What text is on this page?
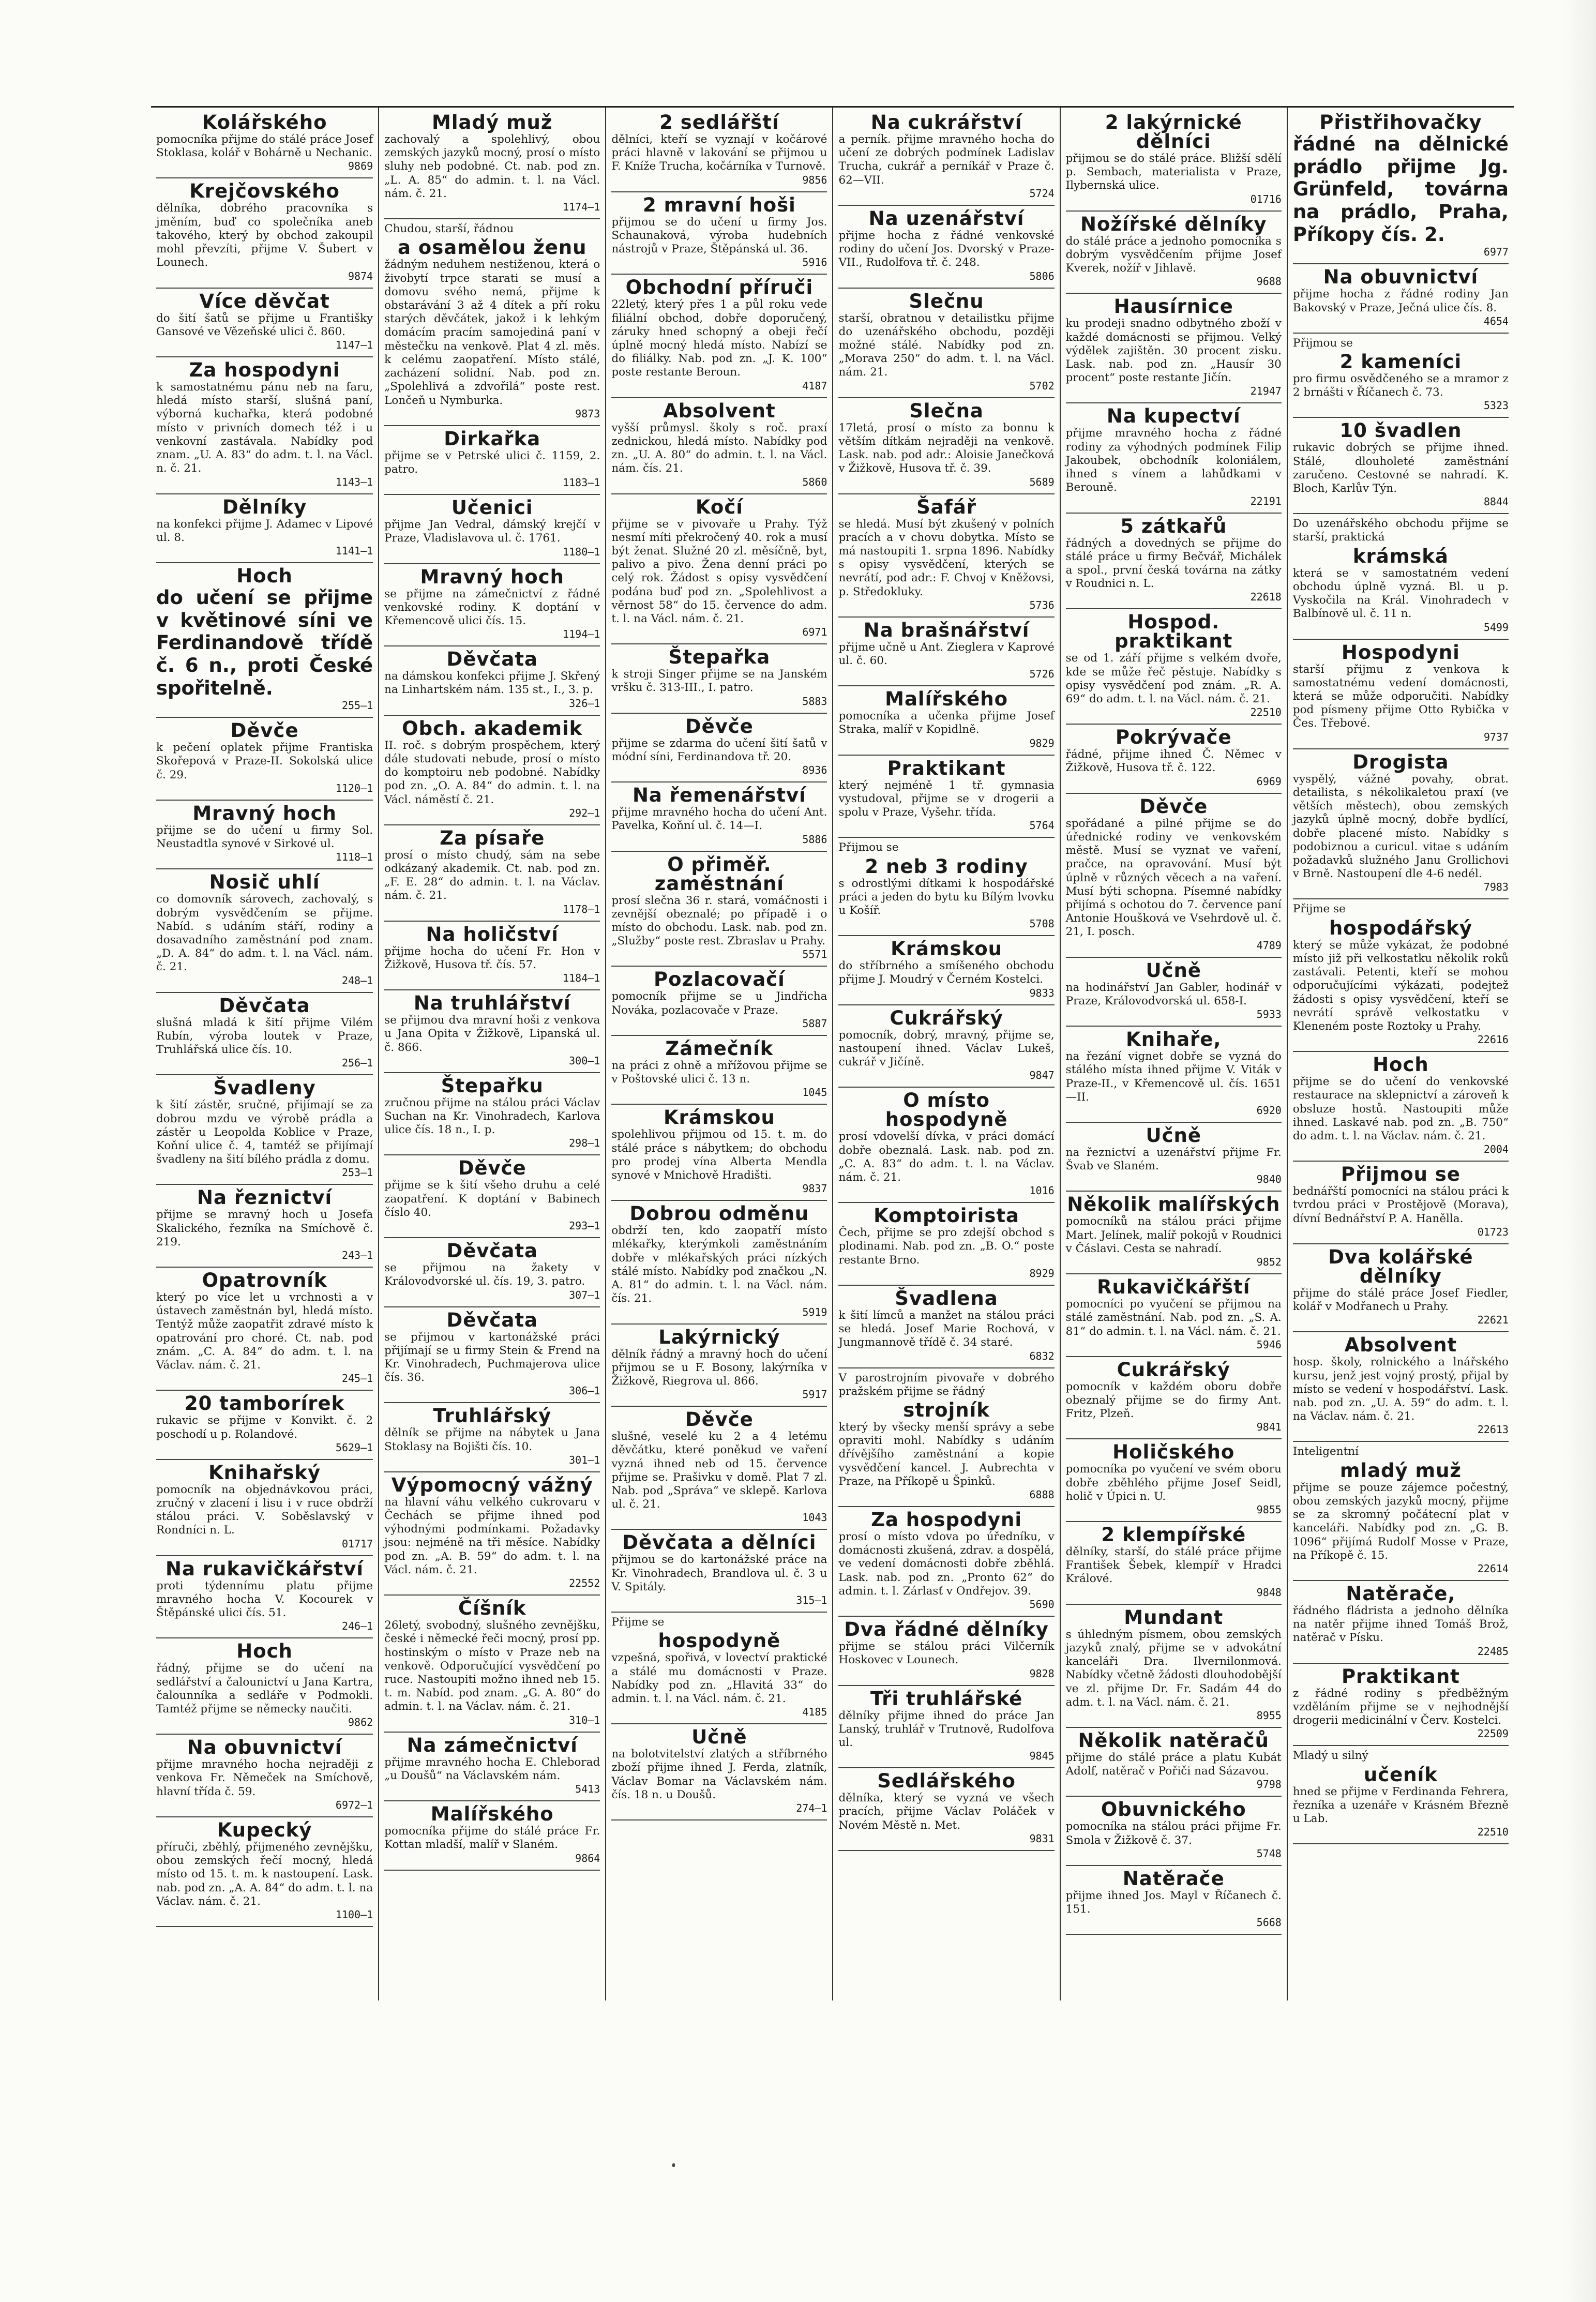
Kolářského

pomocníka přijme do stálé práce Josef Stoklasa, kolář v Bohárně u Nechanic.

9869
Krejčovského

dělníka, dobrého pracovníka s jměním, buď co společníka aneb takového, který by obchod zakoupil mohl převzíti, přijme V. Šubert v Lounech.

9874
Více děvčat

do šití šatů se přijme u Františky Gansové ve Vězeňské ulici č. 860.

1147—1
Za hospodyni

k samostatnému pánu neb na faru, hledá místo starší, slušná paní, výborná kuchařka, která podobné místo v privních domech též i u venkovní zastávala. Nabídky pod znam. „U. A. 83“ do adm. t. l. na Václ. n. č. 21.

1143—1
Dělníky

na konfekci přijme J. Adamec v Lipové ul. 8.

1141—1
Hoch

do učení se přijme v květinové síni ve Ferdinandově třídě č. 6 n., proti České spořitelně.

255—1
Děvče

k pečení oplatek přijme Frantiska Skořepová v Praze-II. Sokolská ulice č. 29.

1120—1
Mravný hoch

přijme se do učení u firmy Sol. Neustadtla synové v Sirkové ul.

1118—1
Nosič uhlí

co domovník sárovech, zachovalý, s dobrým vysvědčením se přijme. Nabíd. s udáním stáří, rodiny a dosavadního zaměstnání pod znam. „D. A. 84“ do adm. t. l. na Václ. nám. č. 21.

248—1
Děvčata

slušná mladá k šití přijme Vilém Rubín, výroba loutek v Praze, Truhlářská ulice čís. 10.

256—1
Švadleny

k šití zástěr, sručné, přijímají se za dobrou mzdu ve výrobě prádla a zástěr u Leopolda Koblice v Praze, Koňní ulice č. 4, tamtéž se přijímají švadleny na šití bílého prádla z domu.

253—1
Na řeznictví

přijme se mravný hoch u Josefa Skalického, řezníka na Smíchově č. 219.

243—1
Opatrovník

který po více let u vrchnosti a v ústavech zaměstnán byl, hledá místo. Tentýž může zaopatřit zdravé místo k opatrování pro choré. Ct. nab. pod znám. „C. A. 84“ do adm. t. l. na Václav. nám. č. 21.

245—1
20 tamborírek

rukavic se přijme v Konvikt. č. 2 poschodí u p. Rolandové.

5629—1
Knihařský

pomocník na objednávkovou práci, zručný v zlacení i lisu i v ruce obdrží stálou práci. V. Soběslavský v Rondníci n. L.

01717
Na rukavičkářství

proti týdennímu platu přijme mravného hocha V. Kocourek v Štěpánské ulici čís. 51.

246—1
Hoch

řádný, přijme se do učení na sedlářství a čalounictví u Jana Kartra, čalounníka a sedláře v Podmokli. Tamtéž přijme se německy naučiti.

9862
Na obuvnictví

přijme mravného hocha nejraději z venkova Fr. Němeček na Smíchově, hlavní třída č. 59.

6972—1
Kupecký

příruči, zběhlý, přijmeného zevnějšku, obou zemských řečí mocný, hledá místo od 15. t. m. k nastoupení. Lask. nab. pod zn. „A. A. 84“ do adm. t. l. na Václav. nám. č. 21.

1100—1
Mladý muž

zachovalý a spolehlivý, obou zemských jazyků mocný, prosí o místo sluhy neb podobné. Ct. nab. pod zn. „L. A. 85“ do admin. t. l. na Václ. nám. č. 21.

1174—1

Chudou, starší, řádnou

a osamělou ženu

žádným neduhem nestiženou, která o živobytí trpce starati se musí a domovu svého nemá, přijme k obstarávání 3 až 4 dítek a pří roku starých děvčátek, jakož i k lehkým domácím pracím samojediná paní v městečku na venkově. Plat 4 zl. měs. k celému zaopatření. Místo stálé, zacházení solidní. Nab. pod zn. „Spolehlivá a zdvořilá“ poste rest. Lončeň u Nymburka.

9873
Dirkařka

přijme se v Petrské ulici č. 1159, 2. patro.

1183—1
Učenici

přijme Jan Vedral, dámský krejčí v Praze, Vladislavova ul. č. 1761.

1180—1
Mravný hoch

se přijme na zámečnictví z řádné venkovské rodiny. K doptání v Křemencově ulici čís. 15.

1194—1
Děvčata

na dámskou konfekci přijme J. Skřený na Linhartském nám. 135 st., I., 3. p.

326—1
Obch. akademik

II. roč. s dobrým prospěchem, který dále studovati nebude, prosí o místo do komptoiru neb podobné. Nabídky pod zn. „O. A. 84“ do admin. t. l. na Václ. náměstí č. 21.

292—1
Za písaře

prosí o místo chudý, sám na sebe odkázaný akademik. Ct. nab. pod zn. „F. E. 28“ do admin. t. l. na Václav. nám. č. 21.

1178—1
Na holičství

přijme hocha do učení Fr. Hon v Žižkově, Husova tř. čís. 57.

1184—1
Na truhlářství

se přijmou dva mravní hoši z venkova u Jana Opita v Žižkově, Lipanská ul. č. 866.

300—1
Štepařku

zručnou přijme na stálou práci Václav Suchan na Kr. Vinohradech, Karlova ulice čís. 18 n., I. p.

298—1
Děvče

přijme se k šití všeho druhu a celé zaopatření. K doptání v Babinech číslo 40.

293—1
Děvčata

se přijmou na žakety v Královodvorské ul. čís. 19, 3. patro.

307—1
Děvčata

se přijmou v kartonážské práci přijímají se u firmy Stein & Frend na Kr. Vinohradech, Puchmajerova ulice čís. 36.

306—1
Truhlářský

dělník se přijme na nábytek u Jana Stoklasy na Bojišti čís. 10.

301—1
Výpomocný vážný

na hlavní váhu velkého cukrovaru v Čechách se přijme ihned pod výhodnými podmínkami. Požadavky jsou: nejméně na tři měsíce. Nabídky pod zn. „A. B. 59“ do adm. t. l. na Václ. nám. č. 21.

22552
Číšník

26letý, svobodný, slušného zevnějšku, české i německé řeči mocný, prosí pp. hostinským o místo v Praze neb na venkově. Odporučující vysvědčení po ruce. Nastoupiti možno ihned neb 15. t. m. Nabíd. pod znam. „G. A. 80“ do admin. t. l. na Václav. nám. č. 21.

310—1
Na zámečnictví

přijme mravného hocha E. Chleborad „u Doušů“ na Václavském nám.

5413
Malířského

pomocníka přijme do stálé práce Fr. Kottan mladší, malíř v Slaném.

9864
2 sedlářští

dělníci, kteří se vyznají v kočárové práci hlavně v lakování se přijmou u F. Kníže Trucha, kočárníka v Turnově.

9856
2 mravní hoši

přijmou se do učení u firmy Jos. Schaunaková, výroba hudebních nástrojů v Praze, Štěpánská ul. 36.

5916
Obchodní příruči

22letý, který přes 1 a půl roku vede filiální obchod, dobře doporučený, záruky hned schopný a obeji řečí úplně mocný hledá místo. Nabízí se do filiálky. Nab. pod zn. „J. K. 100“ poste restante Beroun.

4187
Absolvent

vyšší průmysl. školy s roč. praxí zednickou, hledá místo. Nabídky pod zn. „U. A. 80“ do admin. t. l. na Václ. nám. čís. 21.

5860
Kočí

přijme se v pivovaře u Prahy. Týž nesmí míti překročený 40. rok a musí být ženat. Služné 20 zl. měsíčně, byt, palivo a pivo. Žena denní práci po celý rok. Žádost s opisy vysvědčení podána buď pod zn. „Spolehlivost a věrnost 58“ do 15. července do adm. t. l. na Václ. nám. č. 21.

6971
Štepařka

k stroji Singer přijme se na Janském vršku č. 313-III., I. patro.

5883
Děvče

přijme se zdarma do učení šití šatů v módní síni, Ferdinandova tř. 20.

8936
Na řemenářství

přijme mravného hocha do učení Ant. Pavelka, Koňní ul. č. 14—I.

5886
O přiměř. zaměstnání

prosí slečna 36 r. stará, vomáčnosti i zevnější obeznalé; po případě i o místo do obchodu. Lask. nab. pod zn. „Služby“ poste rest. Zbraslav u Prahy.

5571
Pozlacovačí

pomocník přijme se u Jindřicha Nováka, pozlacovače v Praze.

5887
Zámečník

na práci z ohně a mřížovou přijme se v Poštovské ulici č. 13 n.

1045
Krámskou

spolehlivou přijmou od 15. t. m. do stálé práce s nábytkem; do obchodu pro prodej vína Alberta Mendla synové v Mnichově Hradišti.

9837
Dobrou odměnu

obdrží ten, kdo zaopatří místo mlékařky, kterýmkoli zaměstnáním dobře v mlékařských práci nízkých stálé místo. Nabídky pod značkou „N. A. 81“ do admin. t. l. na Václ. nám. čís. 21.

5919
Lakýrnický

dělník řádný a mravný hoch do učení přijmou se u F. Bosony, lakýrníka v Žižkově, Riegrova ul. 866.

5917
Děvče

slušné, veselé ku 2 a 4 letému děvčátku, které poněkud ve vaření vyzná ihned neb od 15. července přijme se. Prašivku v domě. Plat 7 zl. Nab. pod „Správa“ ve sklepě. Karlova ul. č. 21.

1043
Děvčata a dělníci

přijmou se do kartonážské práce na Kr. Vinohradech, Brandlova ul. č. 3 u V. Spitály.

315—1

Přijme se

hospodyně

vzpešná, spořivá, v lovectví praktické a stálé mu domácnosti v Praze. Nabídky pod zn. „Hlavitá 33“ do admin. t. l. na Václ. nám. č. 21.

4185
Učně

na bolotvitelství zlatých a stříbrného zboží přijme ihned J. Ferda, zlatník, Václav Bomar na Václavském nám. čís. 18 n. u Doušů.

274—1
Na cukrářství

a perník. přijme mravného hocha do učení ze dobrých podmínek Ladislav Trucha, cukrář a perníkář v Praze č. 62—VII.

5724
Na uzenářství

přijme hocha z řádné venkovské rodiny do učení Jos. Dvorský v Praze-VII., Rudolfova tř. č. 248.

5806
Slečnu

starší, obratnou v detailistku přijme do uzenářského obchodu, později možné stálé. Nabídky pod zn. „Morava 250“ do adm. t. l. na Václ. nám. 21.

5702
Slečna

17letá, prosí o místo za bonnu k větším dítkám nejraději na venkově. Lask. nab. pod adr.: Aloisie Janečková v Žižkově, Husova tř. č. 39.

5689
Šafář

se hledá. Musí být zkušený v polních pracích a v chovu dobytka. Místo se má nastoupiti 1. srpna 1896. Nabídky s opisy vysvědčení, kterých se nevrátí, pod adr.: F. Chvoj v Kněžovsi, p. Středokluky.

5736
Na brašnářství

přijme učně u Ant. Zieglera v Kaprové ul. č. 60.

5726
Malířského

pomocníka a učenka přijme Josef Straka, malíř v Kopidlně.

9829
Praktikant

který nejméně 1 tř. gymnasia vystudoval, přijme se v drogerii a spolu v Praze, Vyšehr. třída.

5764

Přijmou se

2 neb 3 rodiny

s odrostlými dítkami k hospodářské práci a jeden do bytu ku Bílým lvovku u Košíř.

5708
Krámskou

do stříbrného a smíšeného obchodu přijme J. Moudrý v Černém Kostelci.

9833
Cukrářský

pomocník, dobrý, mravný, přijme se, nastoupení ihned. Václav Lukeš, cukrář v Jičíně.

9847
O místo hospodyně

prosí vdovelší dívka, v práci domácí dobře obeznalá. Lask. nab. pod zn. „C. A. 83“ do adm. t. l. na Václav. nám. č. 21.

1016
Komptoiristа

Čech, přijme se pro zdejší obchod s plodinami. Nab. pod zn. „B. O.“ poste restante Brno.

8929
Švadlena

k šití límců a manžet na stálou práci se hledá. Josef Marie Rochová, v Jungmannově třídě č. 34 staré.

6832

V parostrojním pivovaře v dobrého pražském přijme se řádný

strojník

který by všecky menší správy a sebe opraviti mohl. Nabídky s udáním dřívějšího zaměstnání a kopie vysvědčení kancel. J. Aubrechta v Praze, na Příkopě u Špinků.

6888
Za hospodyni

prosí o místo vdova po úředníku, v domácnosti zkušená, zdrav. a dospělá, ve vedení domácnosti dobře zběhlá. Lask. nab. pod zn. „Pronto 62“ do admin. t. l. Zárlasť v Ondřejov. 39.

5690
Dva řádné dělníky

přijme se stálou práci Vilčerník Hoskovec v Lounech.

9828
Tři truhlářské

dělníky přijme ihned do práce Jan Lanský, truhlář v Trutnově, Rudolfova ul.

9845
Sedlářského

dělníka, který se vyzná ve všech pracích, přijme Václav Poláček v Novém Městě n. Met.

9831
2 lakýrnické dělníci

přijmou se do stálé práce. Bližší sdělí p. Sembach, materialista v Praze, Ilybernská ulice.

01716
Nožířské dělníky

do stálé práce a jednoho pomocníka s dobrým vysvědčením přijme Josef Kverek, nožíř v Jihlavě.

9688
Hausírnice

ku prodeji snadno odbytného zboží v každé domácnosti se přijmou. Velký výdělek zajištěn. 30 procent zisku. Lask. nab. pod zn. „Hausír 30 procent“ poste restante Jičín.

21947
Na kupectví

přijme mravného hocha z řádné rodiny za výhodných podmínek Filip Jakoubek, obchodník koloniálem, ihned s vínem a lahůdkami v Berouně.

22191
5 zátkařů

řádných a dovedných se přijme do stálé práce u firmy Bečvář, Michálek a spol., první česká továrna na zátky v Roudnici n. L.

22618
Hospod. praktikant

se od 1. září přijme s velkém dvoře, kde se může řeč pěstuje. Nabídky s opisy vysvědčení pod znám. „R. A. 69“ do adm. t. l. na Václ. nám. č. 21.

22510
Pokrývače

řádné, přijme ihned Č. Němec v Žižkově, Husova tř. č. 122.

6969
Děvče

spořádané a pilné přijme se do úřednické rodiny ve venkovském městě. Musí se vyznat ve vaření, pračce, na opravování. Musí být úplně v různých věcech a na vaření. Musí býti schopna. Písemné nabídky přijímá s ochotou do 7. července paní Antonie Houšková ve Vsehrdově ul. č. 21, I. posch.

4789
Učně

na hodinářství Jan Gabler, hodinář v Praze, Královodvorská ul. 658-I.

5933
Knihaře,

na řezání vignet dobře se vyzná do stálého místa ihned přijme V. Viták v Praze-II., v Křemencově ul. čís. 1651—II.

6920
Učně

na řeznictví a uzenářství přijme Fr. Švab ve Slaném.

9840
Několik malířských

pomocníků na stálou práci přijme Mart. Jelínek, malíř pokojů v Roudnici v Čáslavi. Cesta se nahradí.

9852
Rukavičkářští

pomocníci po vyučení se přijmou na stálé zaměstnání. Nab. pod zn. „S. A. 81“ do admin. t. l. na Václ. nám. č. 21.

5946
Cukrářský

pomocník v každém oboru dobře obeznalý přijme se do firmy Ant. Fritz, Plzeň.

9841
Holičského

pomocníka po vyučení ve svém oboru dobře zběhlého přijme Josef Seidl, holič v Úpici n. U.

9855
2 klempířské

dělníky, starší, do stálé práce přijme František Šebek, klempíř v Hradci Králové.

9848
Mundant

s úhledným písmem, obou zemských jazyků znalý, přijme se v advokátní kanceláři Dra. Ilvernilonmová. Nabídky včetně žádosti dlouhodobější ve zl. přijme Dr. Fr. Sadám 44 do adm. t. l. na Václ. nám. č. 21.

8955
Několik natěračů

přijme do stálé práce a platu Kubát Adolf, natěrač v Pořiči nad Sázavou.

9798
Obuvnického

pomocníka na stálou práci přijme Fr. Smola v Žižkově č. 37.

5748
Natěrače

přijme ihned Jos. Mayl v Říčanech č. 151.

5668
Přistřihovačky

řádné na dělnické prádlo přijme Jg. Grünfeld, továrna na prádlo, Praha, Příkopy čís. 2.

6977
Na obuvnictví

přijme hocha z řádné rodiny Jan Bakovský v Praze, Ječná ulice čís. 8.

4654

Přijmou se

2 kameníci

pro firmu osvědčeného se a mramor z 2 brnášti v Říčanech č. 73.

5323
10 švadlen

rukavic dobrých se přijme ihned. Stálé, dlouholeté zaměstnání zaručeno. Cestovné se nahradí. K. Bloch, Karlův Týn.

8844

Do uzenářského obchodu přijme se starší, praktická

krámská

která se v samostatném vedení obchodu úplně vyzná. Bl. u p. Vyskočila na Král. Vinohradech v Balbínově ul. č. 11 n.

5499
Hospodyni

starší přijmu z venkova k samostatnému vedení domácnosti, která se může odporučiti. Nabídky pod písmeny přijme Otto Rybička v Čes. Třebové.

9737
Drogista

vyspělý, vážné povahy, obrat. detailista, s nékolikaletou praxí (ve větších městech), obou zemských jazyků úplně mocný, dobře bydlící, dobře placené místo. Nabídky s podobiznou a curicul. vitae s udáním požadavků služného Janu Grollichovi v Brně. Nastoupení dle 4-6 nedél.

7983

Přijme se

hospodářský

který se může vykázat, že podobné místo již při velkostatku několik roků zastávali. Petenti, kteří se mohou odporučujícími výkázati, podejtež žádosti s opisy vysvědčení, kteří se nevrátí správě velkostatku v Kleneném poste Roztoky u Prahy.

22616
Hoch

přijme se do učení do venkovské restaurace na sklepnictví a zároveň k obsluze hostů. Nastoupiti může ihned. Laskavé nab. pod zn. „B. 750“ do adm. t. l. na Václav. nám. č. 21.

2004
Přijmou se

bednářští pomocníci na stálou práci k tvrdou práci v Prostějově (Morava), dívní Bednářství P. A. Hanělla.

01723
Dva kolářské dělníky

přijme do stálé práce Josef Fiedler, kolář v Modřanech u Prahy.

22621
Absolvent

hosp. školy, rolnického a lnářského kursu, jenž jest vojný prostý, přijal by místo se vedení v hospodářství. Lask. nab. pod zn. „U. A. 59“ do adm. t. l. na Václav. nám. č. 21.

22613

Inteligentní

mladý muž

přijme se pouze zájemce počestný, obou zemských jazyků mocný, přijme se za skromný počátecní plat v kanceláři. Nabídky pod zn. „G. B. 1096“ přijímá Rudolf Mosse v Praze, na Příkopě č. 15.

22614
Natěrače,

řádného fládrista a jednoho dělníka na natěr přijme ihned Tomáš Brož, natěrač v Písku.

22485
Praktikant

z řádné rodiny s předběžným vzděláním přijme se v nejhodnější drogerii medicinální v Červ. Kostelci.

22509

Mladý u silný

učeník

hned se přijme v Ferdinanda Fehrera, řezníka a uzenáře v Krásném Březně u Lab.

22510
